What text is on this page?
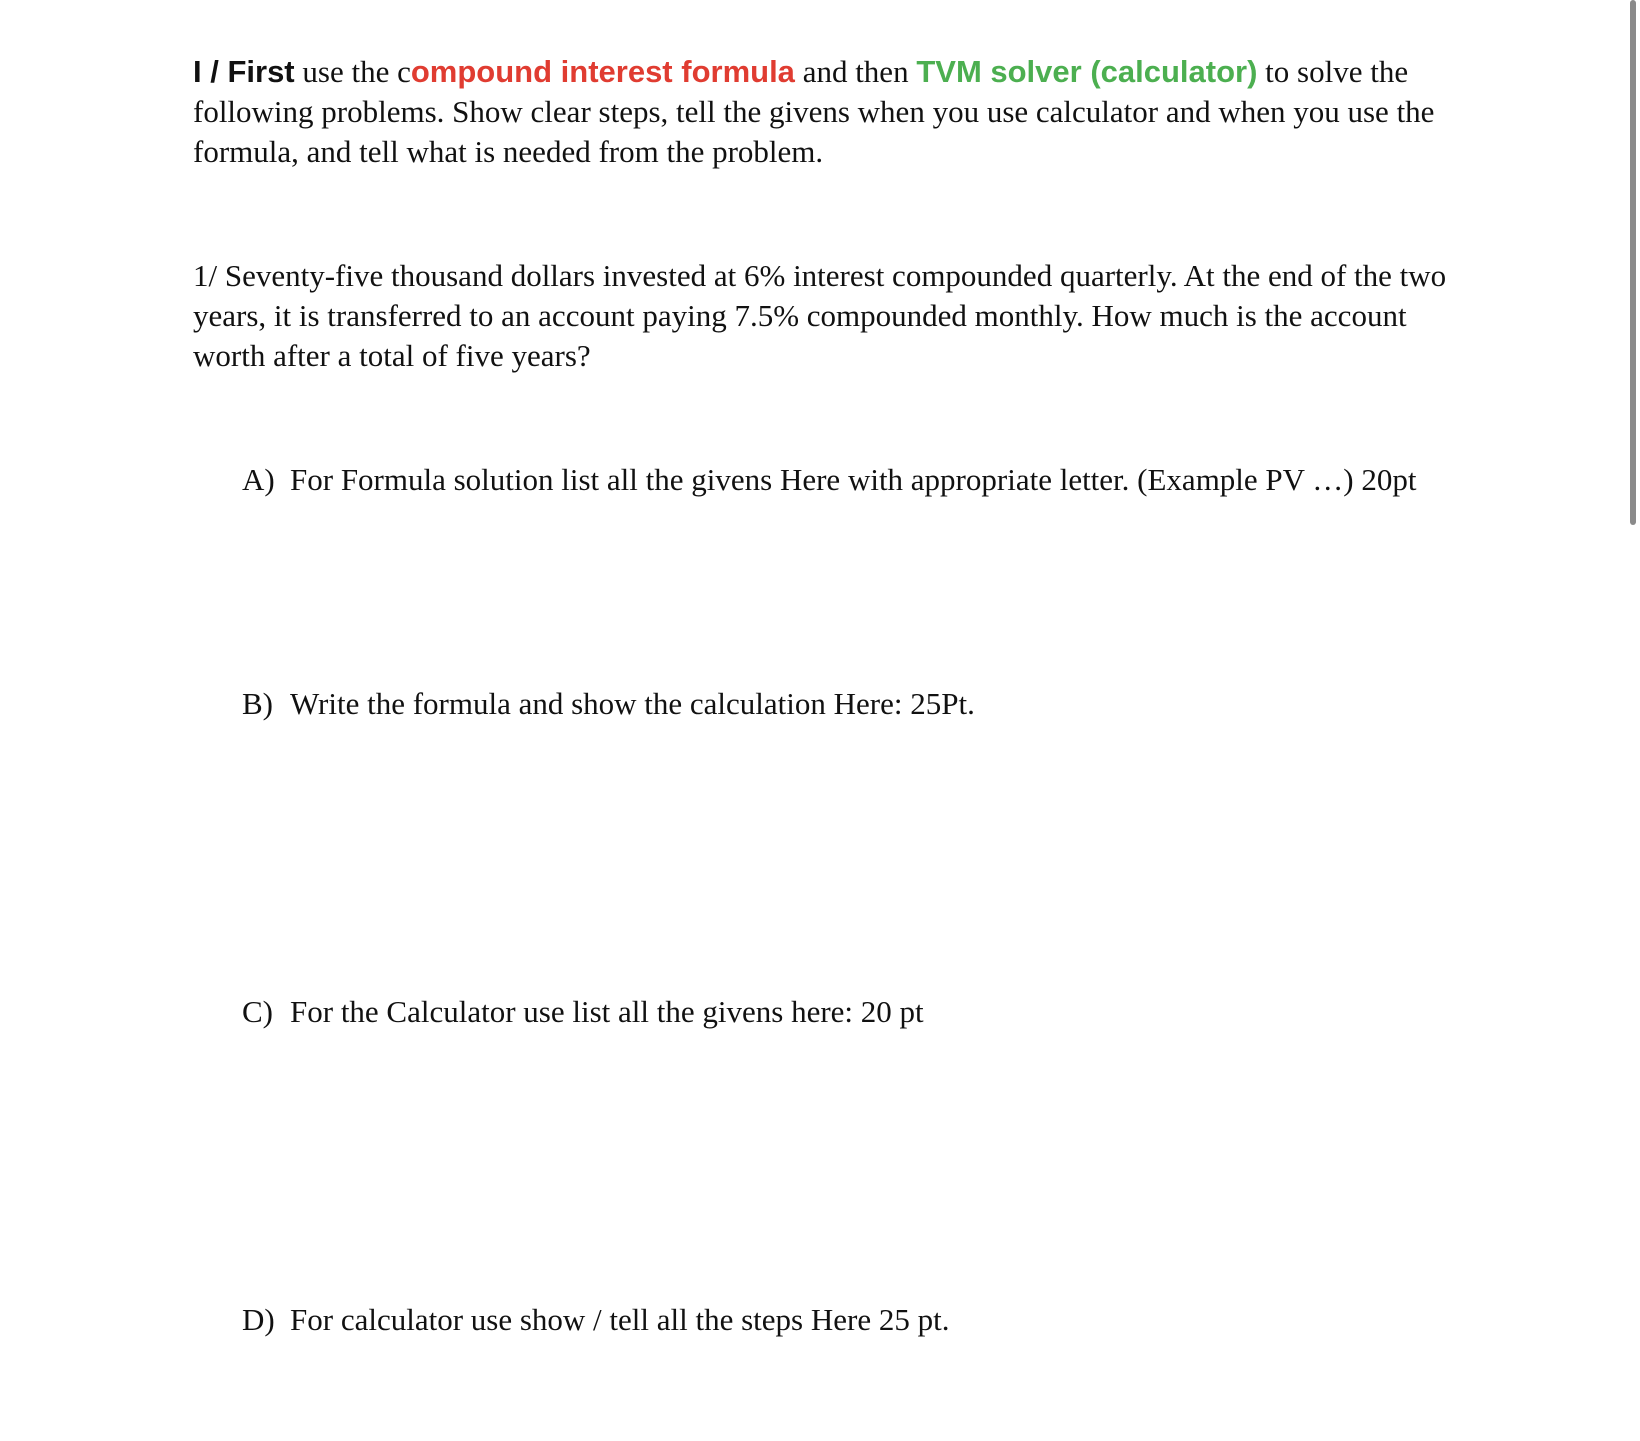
I / First use the compound interest formula and then TVM solver (calculator) to solve the following problems. Show clear steps, tell the givens when you use calculator and when you use the formula, and tell what is needed from the problem.

1/ Seventy-five thousand dollars invested at 6% interest compounded quarterly. At the end of the two years, it is transferred to an account paying 7.5% compounded monthly. How much is the account worth after a total of five years?

A) For Formula solution list all the givens Here with appropriate letter. (Example PV …) 20pt
B) Write the formula and show the calculation Here: 25Pt.
C) For the Calculator use list all the givens here: 20 pt
D) For calculator use show / tell all the steps Here 25 pt.
